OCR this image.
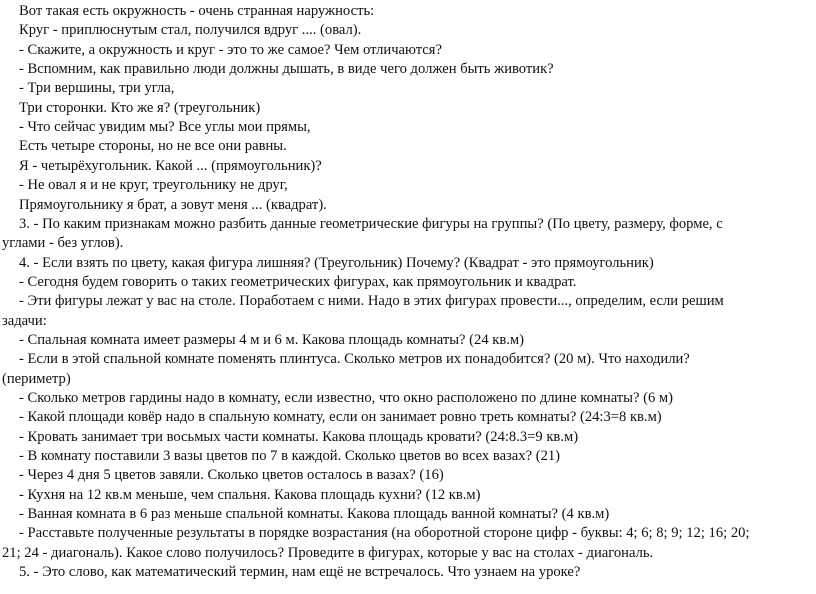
Вот такая есть окружность - очень странная наружность:
Круг - приплюснутым стал, получился вдруг .... (овал).
- Скажите, а окружность и круг - это то же самое? Чем отличаются?
- Вспомним, как правильно люди должны дышать, в виде чего должен быть животик?
- Три вершины, три угла,
Три сторонки. Кто же я? (треугольник)
- Что сейчас увидим мы? Все углы мои прямы,
Есть четыре стороны, но не все они равны.
Я - четырёхугольник. Какой ... (прямоугольник)?
- Не овал я и не круг, треугольнику не друг,
Прямоугольнику я брат, а зовут меня ... (квадрат).
3. - По каким признакам можно разбить данные геометрические фигуры на группы? (По цвету, размеру, форме, с
углами - без углов).
4. - Если взять по цвету, какая фигура лишняя? (Треугольник) Почему? (Квадрат - это прямоугольник)
- Сегодня будем говорить о таких геометрических фигурах, как прямоугольник и квадрат.
- Эти фигуры лежат у вас на столе. Поработаем с ними. Надо в этих фигурах провести..., определим, если решим
задачи:
- Спальная комната имеет размеры 4 м и 6 м. Какова площадь комнаты? (24 кв.м)
- Если в этой спальной комнате поменять плинтуса. Сколько метров их понадобится? (20 м). Что находили?
(периметр)
- Сколько метров гардины надо в комнату, если известно, что окно расположено по длине комнаты? (6 м)
- Какой площади ковёр надо в спальную комнату, если он занимает ровно треть комнаты? (24:3=8 кв.м)
- Кровать занимает три восьмых части комнаты. Какова площадь кровати? (24:8.3=9 кв.м)
- В комнату поставили 3 вазы цветов по 7 в каждой. Сколько цветов во всех вазах? (21)
- Через 4 дня 5 цветов завяли. Сколько цветов осталось в вазах? (16)
- Кухня на 12 кв.м меньше, чем спальня. Какова площадь кухни? (12 кв.м)
- Ванная комната в 6 раз меньше спальной комнаты. Какова площадь ванной комнаты? (4 кв.м)
- Расставьте полученные результаты в порядке возрастания (на оборотной стороне цифр - буквы: 4; 6; 8; 9; 12; 16; 20;
21; 24 - диагональ). Какое слово получилось? Проведите в фигурах, которые у вас на столах - диагональ.
5. - Это слово, как математический термин, нам ещё не встречалось. Что узнаем на уроке?
